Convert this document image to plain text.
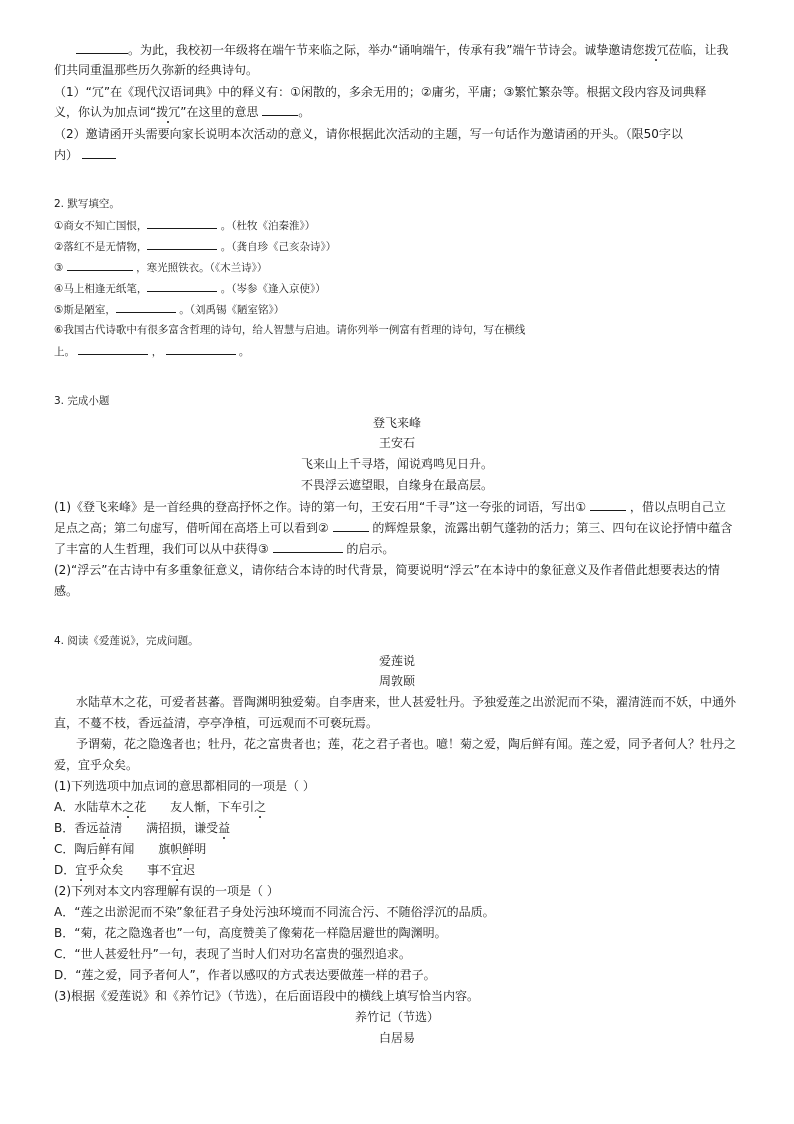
。为此，我校初一年级将在端午节来临之际，举办“诵响端午，传承有我”端午节诗会。诚挚邀请您拨冗莅临，让我
们共同重温那些历久弥新的经典诗句。
（1）“冗”在《现代汉语词典》中的释义有：①闲散的，多余无用的；②庸劣，平庸；③繁忙繁杂等。根据文段内容及词典释
义，你认为加点词“拨冗”在这里的意思	。
（2）邀请函开头需要向家长说明本次活动的意义，请你根据此次活动的主题，写一句话作为邀请函的开头。（限50字以
内）
2. 默写填空。
①商女不知亡国恨，	。（杜牧《泊秦淮》）
②落红不是无情物，	。（龚自珍《己亥杂诗》）
③	，寒光照铁衣。（《木兰诗》）
④马上相逢无纸笔，	。（岑参《逢入京使》）
⑤斯是陋室，	。（刘禹锡《陋室铭》）
⑥我国古代诗歌中有很多富含哲理的诗句，给人智慧与启迪。请你列举一例富有哲理的诗句，写在横线
上。	，	。
3. 完成小题
登飞来峰
王安石
飞来山上千寻塔，闻说鸡鸣见日升。
不畏浮云遮望眼，自缘身在最高层。
(1)《登飞来峰》是一首经典的登高抒怀之作。诗的第一句，王安石用“千寻”这一夸张的词语，写出①	，借以点明自己立
足点之高；第二句虚写，借听闻在高塔上可以看到②	的辉煌景象，流露出朝气蓬勃的活力；第三、四句在议论抒情中蕴含
了丰富的人生哲理，我们可以从中获得③	的启示。
(2)“浮云”在古诗中有多重象征意义，请你结合本诗的时代背景，简要说明“浮云”在本诗中的象征意义及作者借此想要表达的情
感。
4. 阅读《爱莲说》，完成问题。
爱莲说
周敦颐
水陆草木之花，可爱者甚蕃。晋陶渊明独爱菊。自李唐来，世人甚爱牡丹。予独爱莲之出淤泥而不染，濯清涟而不妖，中通外
直，不蔓不枝，香远益清，亭亭净植，可远观而不可亵玩焉。
予谓菊，花之隐逸者也；牡丹，花之富贵者也；莲，花之君子者也。噫！菊之爱，陶后鲜有闻。莲之爱，同予者何人？牡丹之
爱，宜乎众矣。
(1)下列选项中加点词的意思都相同的一项是（ ）
A．水陆草木之花 友人惭，下车引之
B．香远益清 满招损，谦受益
C．陶后鲜有闻 旗帜鲜明
D．宜乎众矣 事不宜迟
(2)下列对本文内容理解有误的一项是（ ）
A．“莲之出淤泥而不染”象征君子身处污浊环境而不同流合污、不随俗浮沉的品质。
B．“菊，花之隐逸者也”一句，高度赞美了像菊花一样隐居避世的陶渊明。
C．“世人甚爱牡丹”一句，表现了当时人们对功名富贵的强烈追求。
D．“莲之爱，同予者何人”，作者以感叹的方式表达要做莲一样的君子。
(3)根据《爱莲说》和《养竹记》（节选），在后面语段中的横线上填写恰当内容。
养竹记（节选）
白居易
